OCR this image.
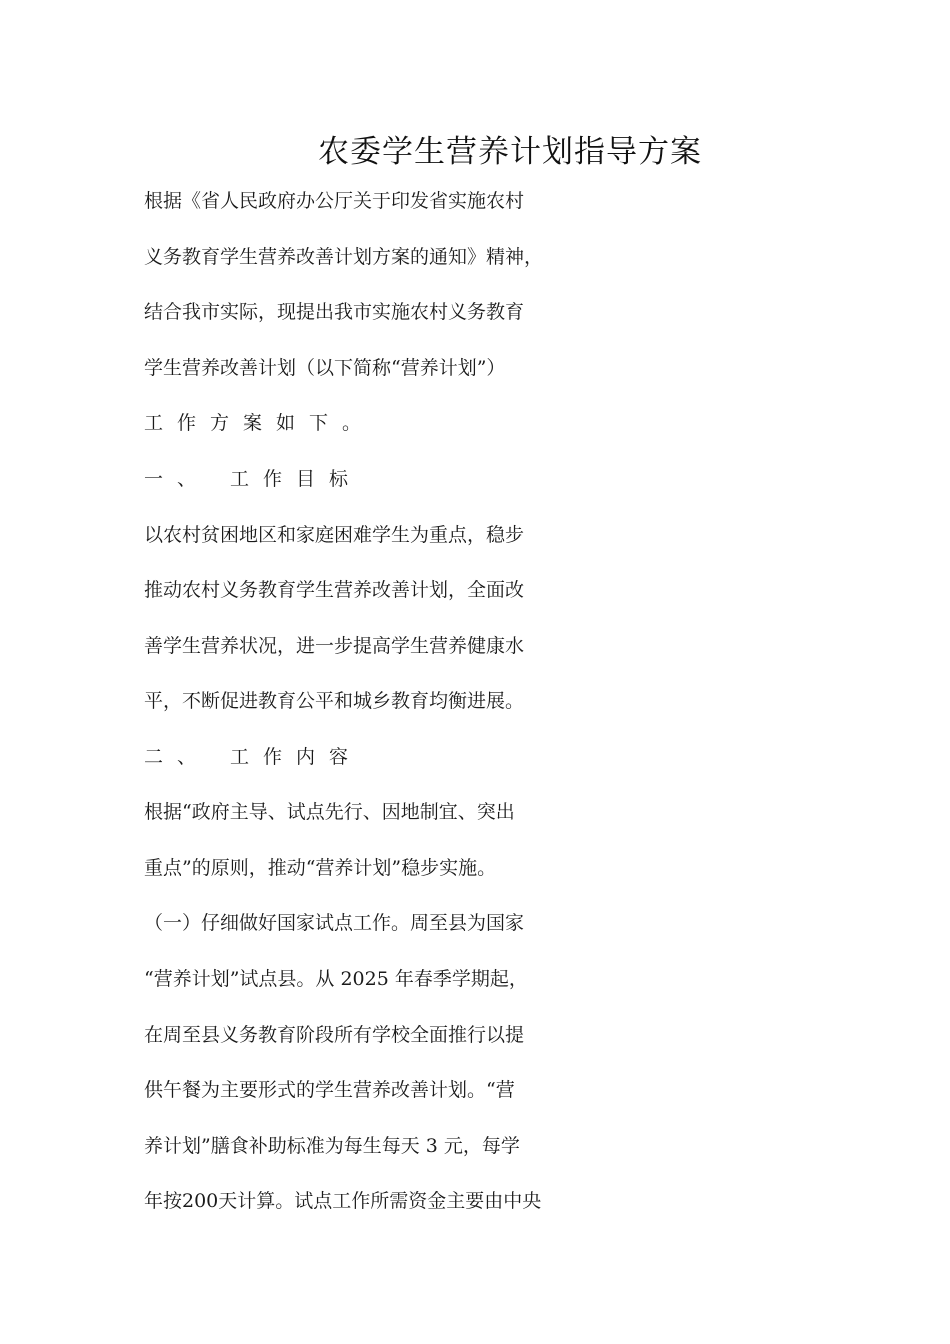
农委学生营养计划指导方案
根据《省人民政府办公厅关于印发省实施农村
义务教育学生营养改善计划方案的通知》精神，
结合我市实际，现提出我市实施农村义务教育
学生营养改善计划（以下简称“营养计划”）
工作方案如下。
一、 工作目标
以农村贫困地区和家庭困难学生为重点，稳步
推动农村义务教育学生营养改善计划，全面改
善学生营养状况，进一步提高学生营养健康水
平，不断促进教育公平和城乡教育均衡进展。
二、 工作内容
根据“政府主导、试点先行、因地制宜、突出
重点”的原则，推动“营养计划”稳步实施。
（一）仔细做好国家试点工作。周至县为国家
“营养计划”试点县。从 2025 年春季学期起，
在周至县义务教育阶段所有学校全面推行以提
供午餐为主要形式的学生营养改善计划。“营
养计划”膳食补助标准为每生每天 3 元，每学
年按200天计算。试点工作所需资金主要由中央
